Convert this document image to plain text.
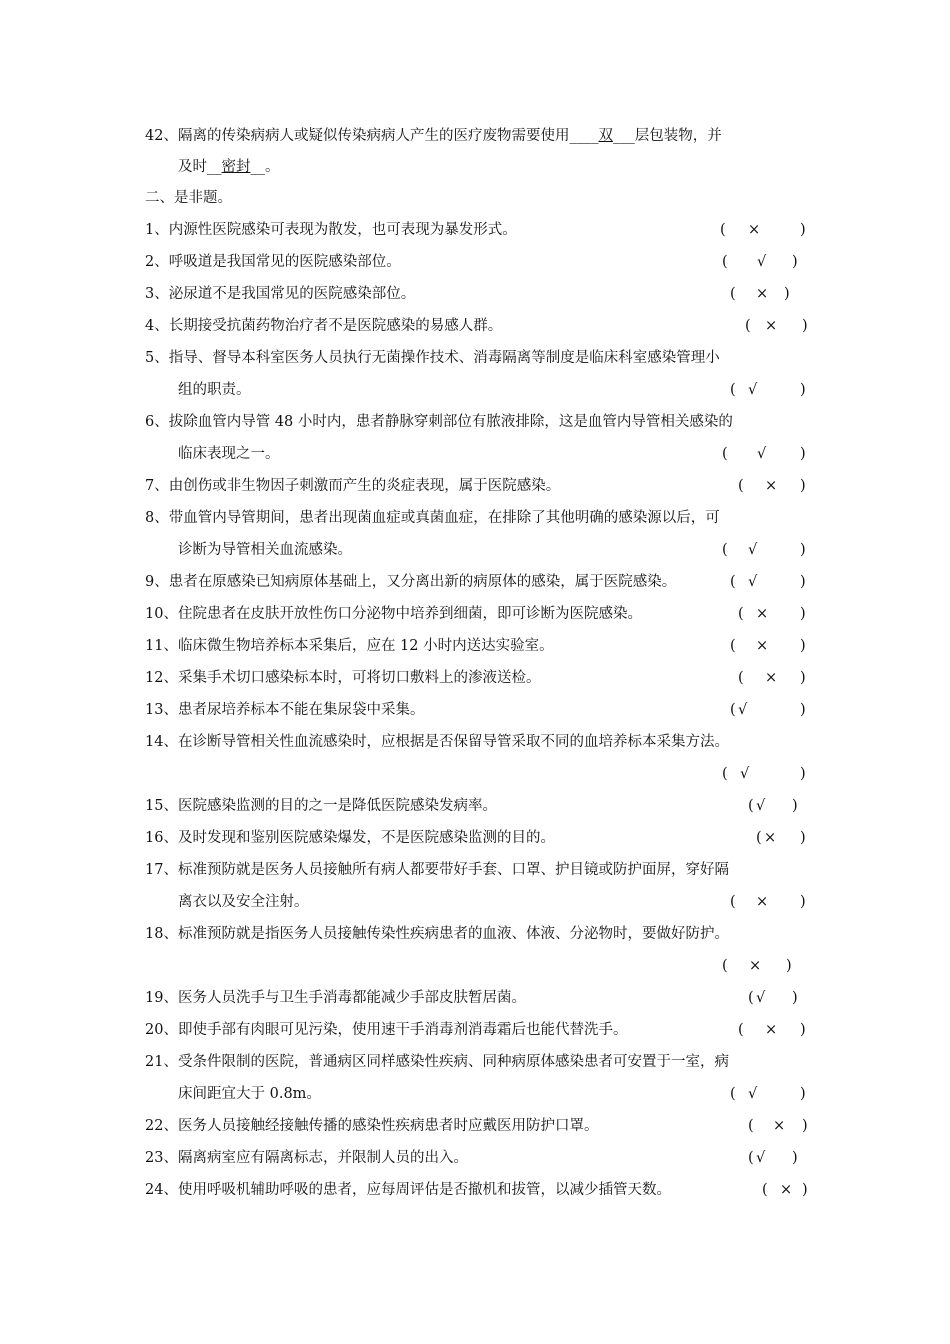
42、隔离的传染病病人或疑似传染病病人产生的医疗废物需要使用____双___层包装物，并
及时__密封__。
二、是非题。
1、内源性医院感染可表现为散发，也可表现为暴发形式。	( ×	)
2、呼吸道是我国常见的医院感染部位。	( √ )
3、泌尿道不是我国常见的医院感染部位。	( × )
4、长期接受抗菌药物治疗者不是医院感染的易感人群。	( × )
5、指导、督导本科室医务人员执行无菌操作技术、消毒隔离等制度是临床科室感染管理小
组的职责。	( √	)
6、拔除血管内导管 48 小时内，患者静脉穿刺部位有脓液排除，这是血管内导管相关感染的
临床表现之一。	( √ )
7、由创伤或非生物因子刺激而产生的炎症表现，属于医院感染。	( × )
8、带血管内导管期间，患者出现菌血症或真菌血症，在排除了其他明确的感染源以后，可
诊断为导管相关血流感染。	( √	)
9、患者在原感染已知病原体基础上，又分离出新的病原体的感染，属于医院感染。	( √	)
10、住院患者在皮肤开放性伤口分泌物中培养到细菌，即可诊断为医院感染。	( × )
11、临床微生物培养标本采集后，应在 12 小时内送达实验室。	( × )
12、采集手术切口感染标本时，可将切口敷料上的渗液送检。	( × )
13、患者尿培养标本不能在集尿袋中采集。	( √	)
14、在诊断导管相关性血流感染时，应根据是否保留导管采取不同的血培养标本采集方法。
( √	)
15、医院感染监测的目的之一是降低医院感染发病率。	( √ )
16、及时发现和鉴别医院感染爆发，不是医院感染监测的目的。	( × )
17、标准预防就是医务人员接触所有病人都要带好手套、口罩、护目镜或防护面屏，穿好隔
离衣以及安全注射。	( × )
18、标准预防就是指医务人员接触传染性疾病患者的血液、体液、分泌物时，要做好防护。
( × )
19、医务人员洗手与卫生手消毒都能减少手部皮肤暂居菌。	( √ )
20、即使手部有肉眼可见污染，使用速干手消毒剂消毒霜后也能代替洗手。	( × )
21、受条件限制的医院，普通病区同样感染性疾病、同种病原体感染患者可安置于一室，病
床间距宜大于 0.8m。	( √	)
22、医务人员接触经接触传播的感染性疾病患者时应戴医用防护口罩。	( × )
23、隔离病室应有隔离标志，并限制人员的出入。	( √ )
24、使用呼吸机辅助呼吸的患者，应每周评估是否撤机和拔管，以减少插管天数。	( × )
